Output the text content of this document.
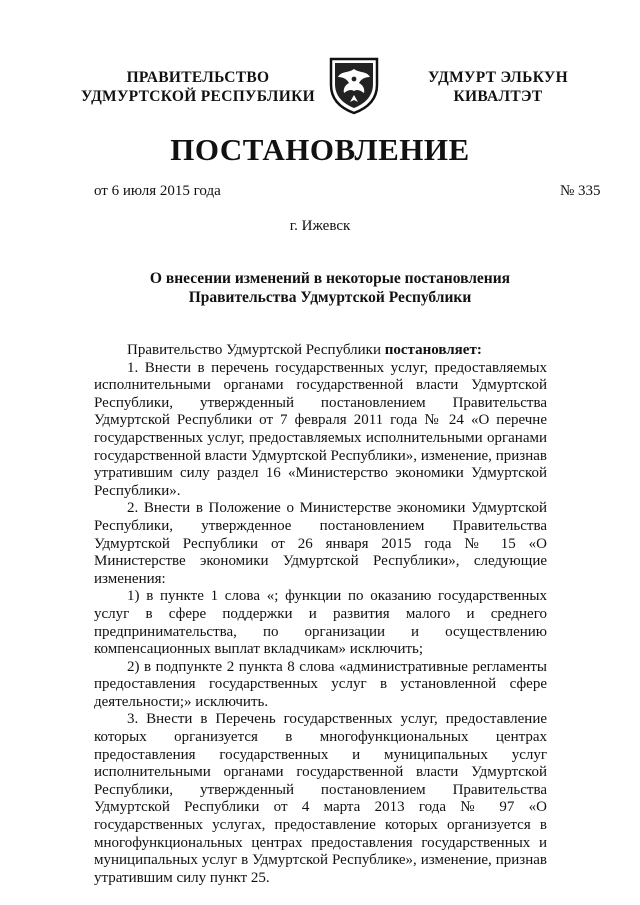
ПРАВИТЕЛЬСТВО
УДМУРТСКОЙ РЕСПУБЛИКИ
УДМУРТ ЭЛЬКУН
КИВАЛТЭТ
ПОСТАНОВЛЕНИЕ
от 6 июля 2015 года	№ 335
г. Ижевск
О внесении изменений в некоторые постановления
Правительства Удмуртской Республики

Правительство Удмуртской Республики постановляет:

1. Внести в перечень государственных услуг, предоставляемых исполнительными органами государственной власти Удмуртской Республики, утвержденный постановлением Правительства Удмуртской Республики от 7 февраля 2011 года № 24 «О перечне государственных услуг, предоставляемых исполнительными органами государственной власти Удмуртской Республики», изменение, признав утратившим силу раздел 16 «Министерство экономики Удмуртской Республики».

2. Внести в Положение о Министерстве экономики Удмуртской Республики, утвержденное постановлением Правительства Удмуртской Республики от 26 января 2015 года № 15 «О Министерстве экономики Удмуртской Республики», следующие изменения:

1) в пункте 1 слова «; функции по оказанию государственных услуг в сфере поддержки и развития малого и среднего предпринимательства, по организации и осуществлению компенсационных выплат вкладчикам» исключить;

2) в подпункте 2 пункта 8 слова «административные регламенты предоставления государственных услуг в установленной сфере деятельности;» исключить.

3. Внести в Перечень государственных услуг, предоставление которых организуется в многофункциональных центрах предоставления государственных и муниципальных услуг исполнительными органами государственной власти Удмуртской Республики, утвержденный постановлением Правительства Удмуртской Республики от 4 марта 2013 года № 97 «О государственных услугах, предоставление которых организуется в многофункциональных центрах предоставления государственных и муниципальных услуг в Удмуртской Республике», изменение, признав утратившим силу пункт 25.
